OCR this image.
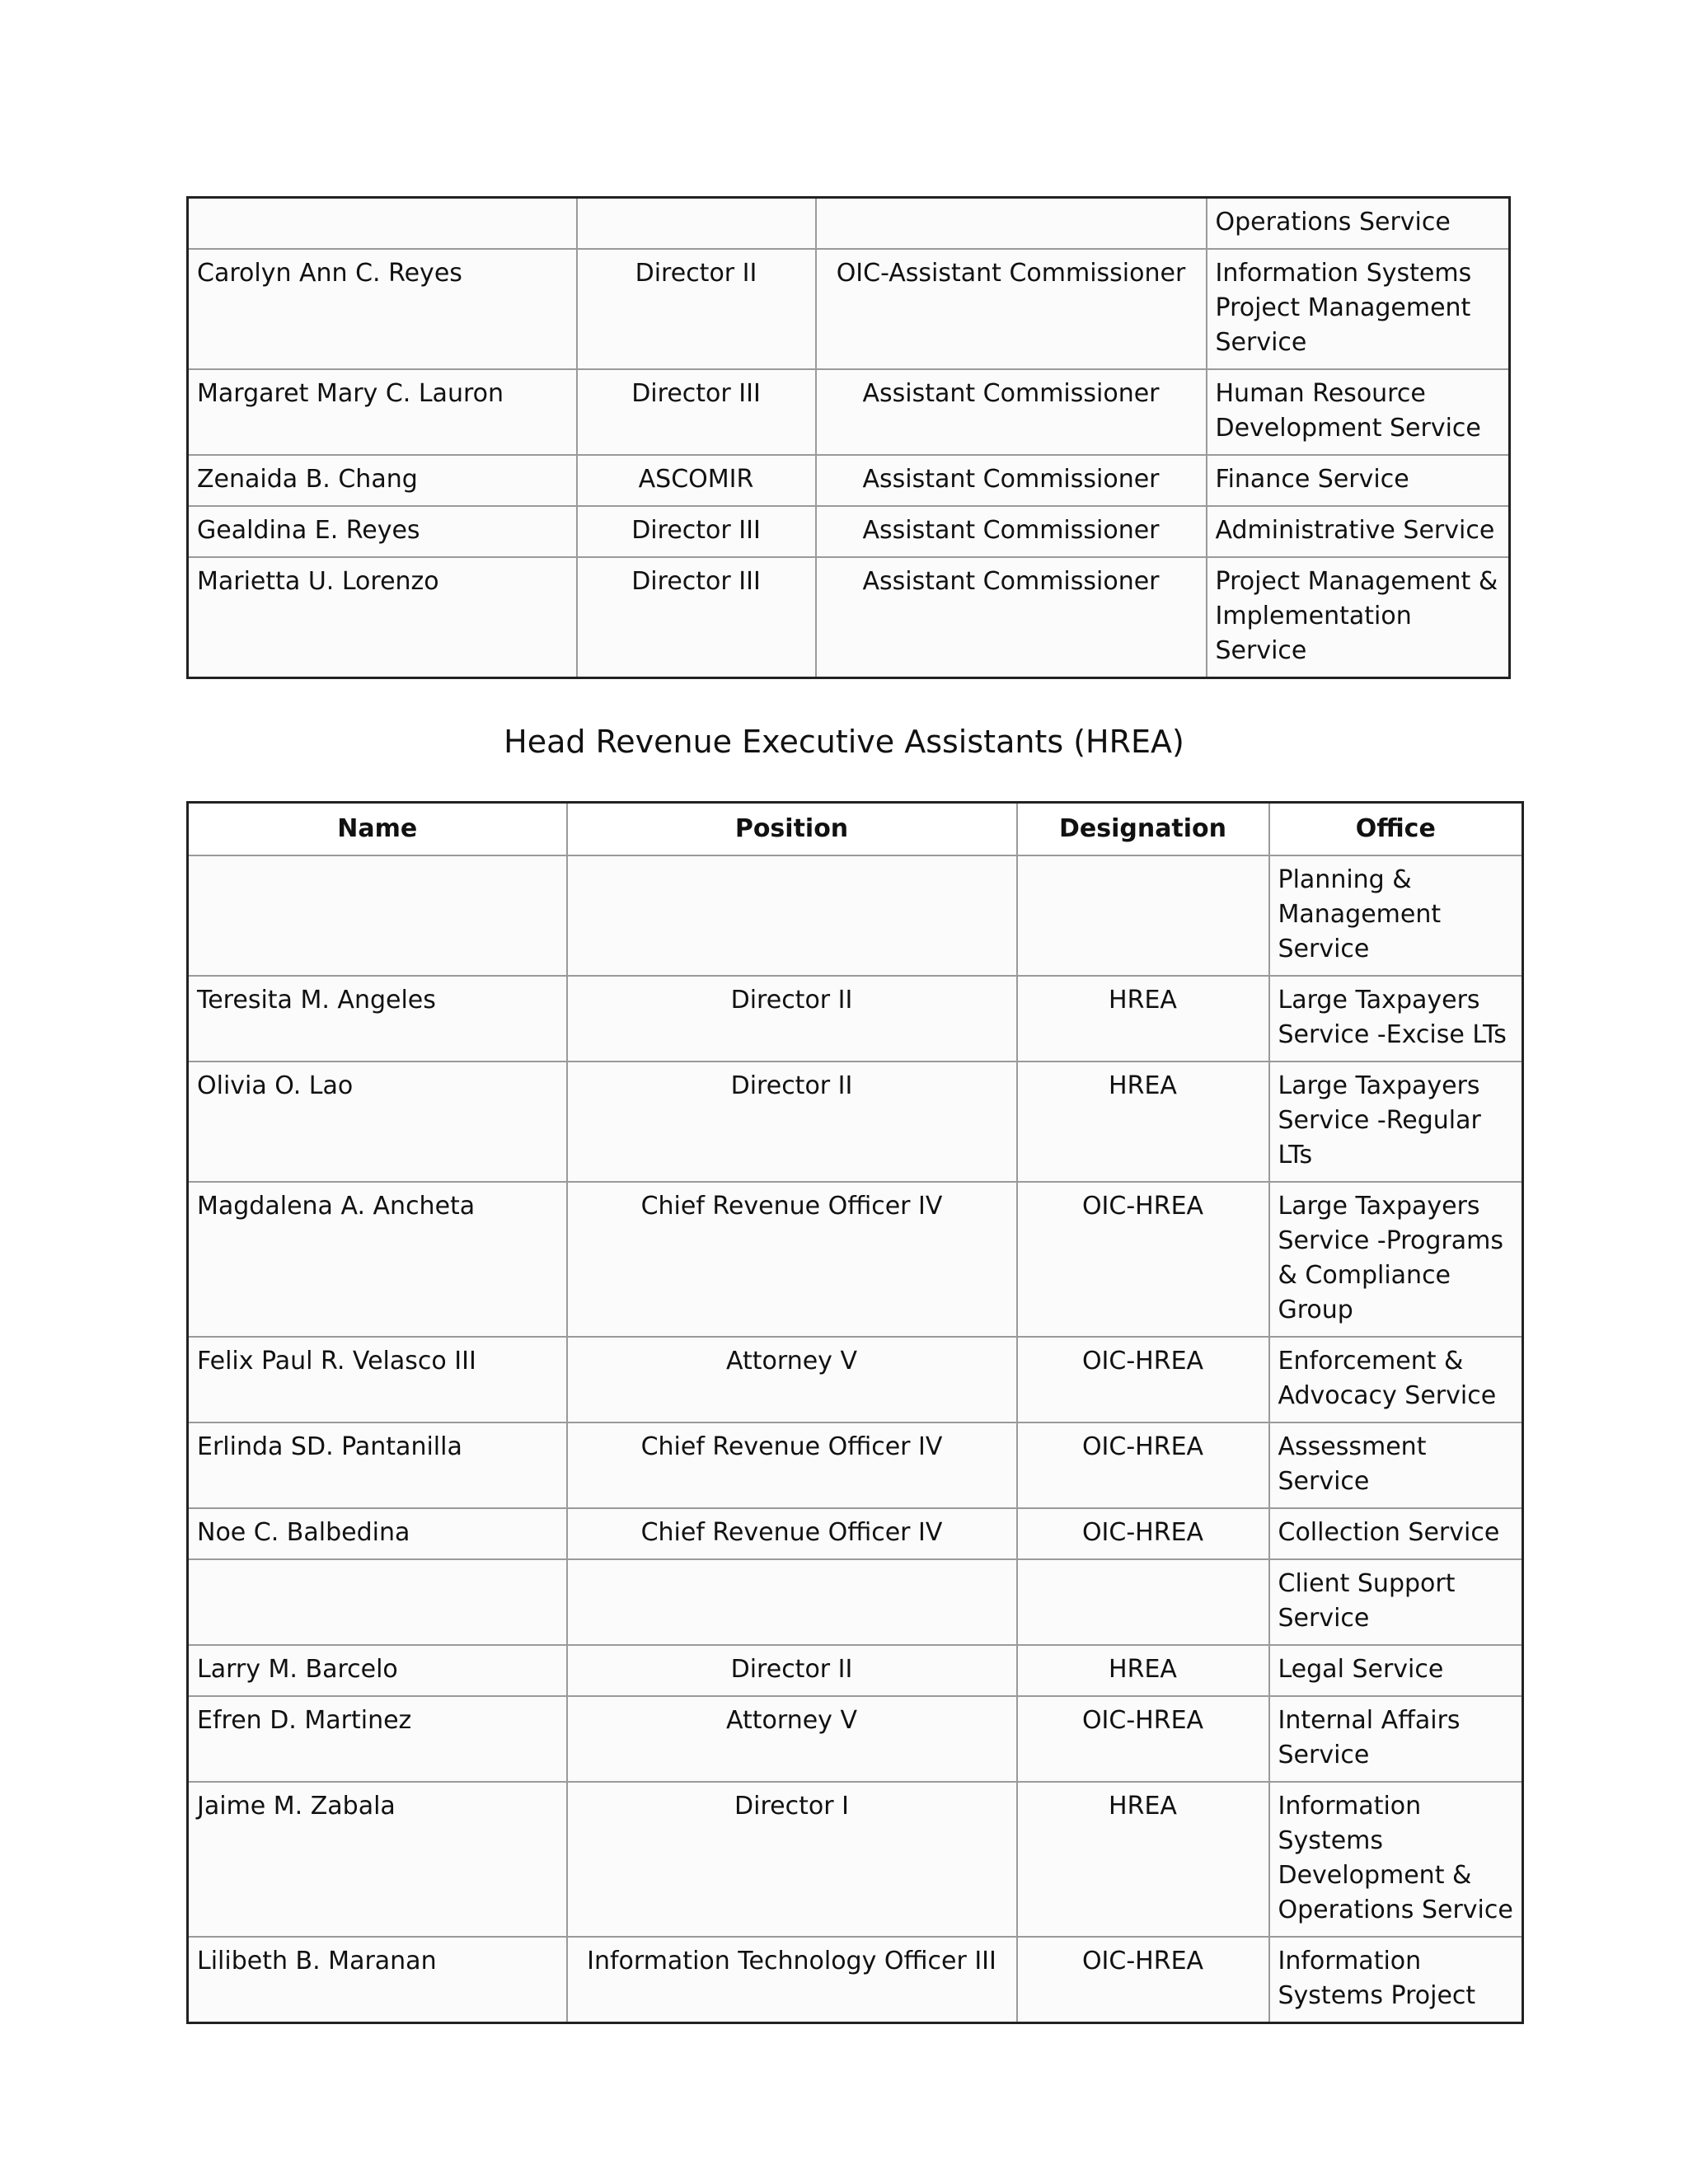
			Operations Service
Carolyn Ann C. Reyes	Director II	OIC-Assistant Commissioner	Information Systems Project Management Service
Margaret Mary C. Lauron	Director III	Assistant Commissioner	Human Resource Development Service
Zenaida B. Chang	ASCOMIR	Assistant Commissioner	Finance Service
Gealdina E. Reyes	Director III	Assistant Commissioner	Administrative Service
Marietta U. Lorenzo	Director III	Assistant Commissioner	Project Management & Implementation Service
Head Revenue Executive Assistants (HREA)
Name	Position	Designation	Office
			Planning & Management Service
Teresita M. Angeles	Director II	HREA	Large Taxpayers Service -Excise LTs
Olivia O. Lao	Director II	HREA	Large Taxpayers Service -Regular LTs
Magdalena A. Ancheta	Chief Revenue Officer IV	OIC-HREA	Large Taxpayers Service -Programs & Compliance Group
Felix Paul R. Velasco III	Attorney V	OIC-HREA	Enforcement & Advocacy Service
Erlinda SD. Pantanilla	Chief Revenue Officer IV	OIC-HREA	Assessment Service
Noe C. Balbedina	Chief Revenue Officer IV	OIC-HREA	Collection Service
			Client Support Service
Larry M. Barcelo	Director II	HREA	Legal Service
Efren D. Martinez	Attorney V	OIC-HREA	Internal Affairs Service
Jaime M. Zabala	Director I	HREA	Information Systems Development & Operations Service
Lilibeth B. Maranan	Information Technology Officer III	OIC-HREA	Information Systems Project
